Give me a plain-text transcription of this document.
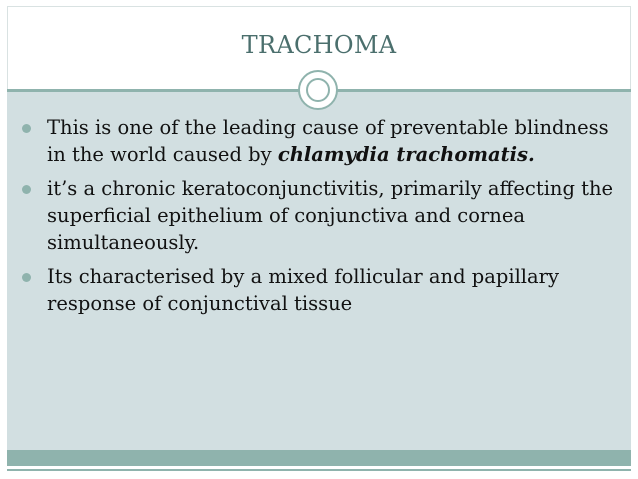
TRACHOMA
This is one of the leading cause of preventable blindness in the world caused by chlamydia trachomatis.
it’s a chronic keratoconjunctivitis, primarily affecting the superficial epithelium of conjunctiva and cornea simultaneously.
Its characterised by a mixed follicular and papillary response of conjunctival tissue
